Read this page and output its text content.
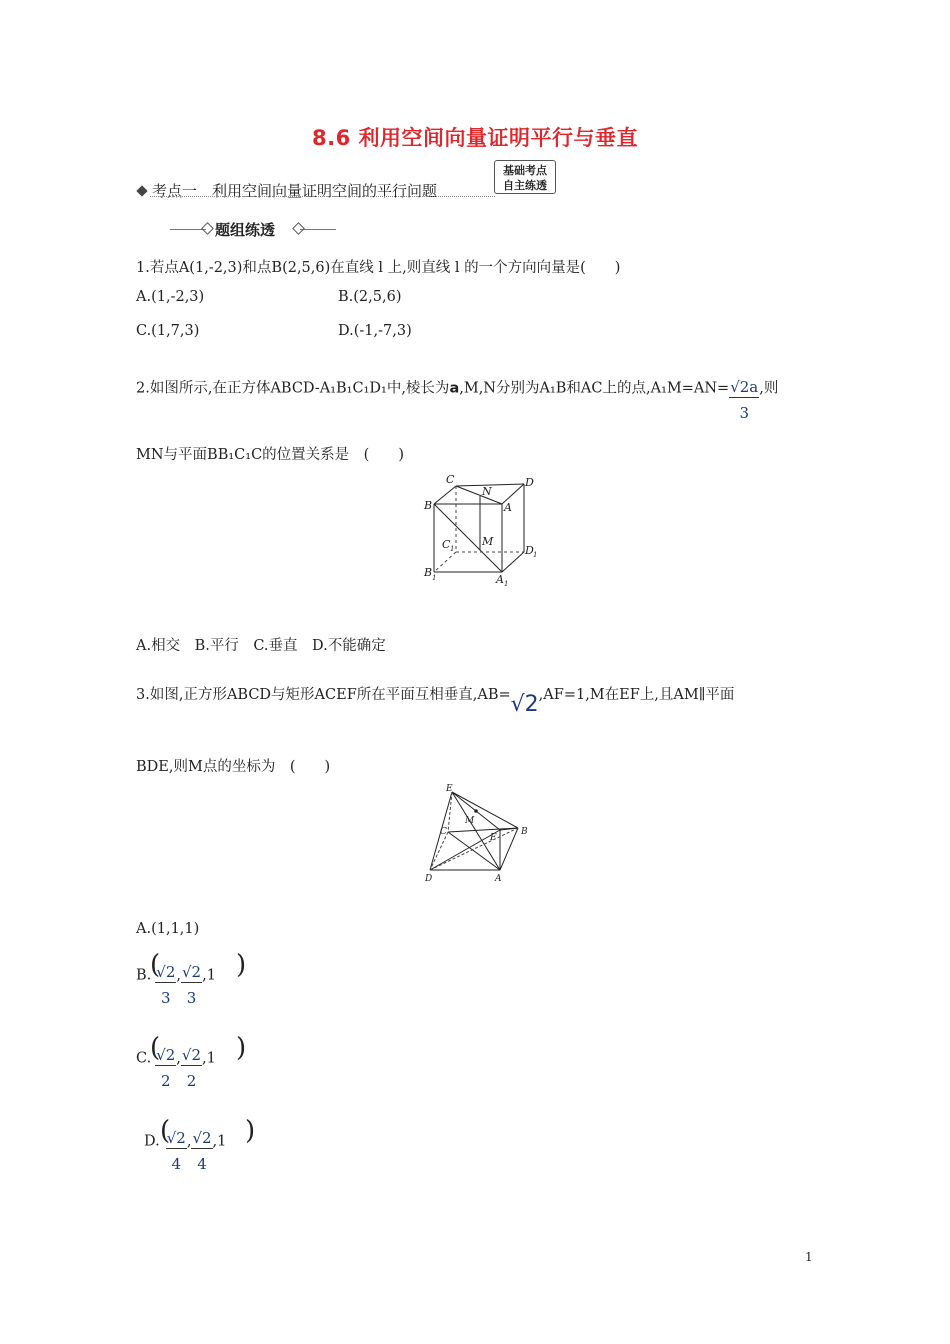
8.6 利用空间向量证明平行与垂直
考点一　利用空间向量证明空间的平行问题
基础考点
自主练透
题组练透
1.若点A(1,-2,3)和点B(2,5,6)在直线 l 上,则直线 l 的一个方向向量是(　　)
A.(1,-2,3)	B.(2,5,6)
C.(1,7,3)	D.(-1,-7,3)
2.如图所示,在正方体ABCD-A₁B₁C₁D₁中,棱长为a,M,N分别为A₁B和AC上的点$,A_1M=AN= \frac{√2a}{3}$ ,则
MN与平面BB₁C₁C的位置关系是　(　　)
C
N
D
B	A
C 1
M
D 1
B 1	A 1
A.相交　B.平行　C.垂直　D.不能确定
3.如图,正方形ABCD与矩形ACEF所在平面互相垂直,AB=√2,AF=1,M在EF上,且AM∥平面
BDE,则M点的坐标为　(　　)
E
M
C
F
B
D	A
A.(1,1,1)
B. $\frac{√2}{3}$ , $\frac{√2}{3} ,1$
(	)
C. $\frac{√2}{2}$ , $\frac{√2}{2} ,1$
(	)
D. $\frac{√2}{4}$ , $\frac{√2}{4} ,1$
(	)
1
